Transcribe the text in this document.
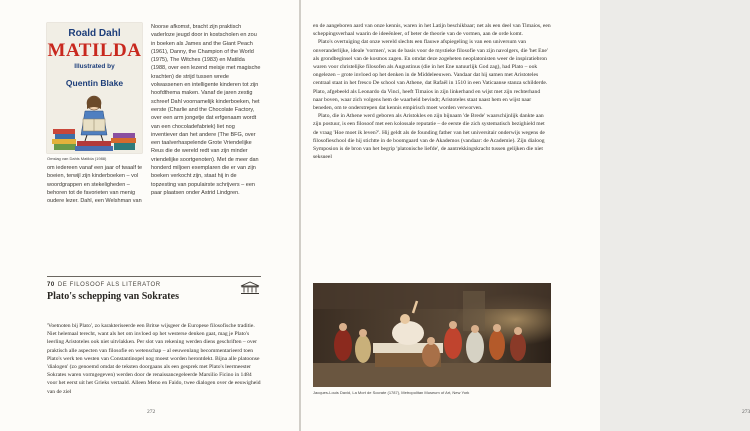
Roald Dahl
MATILDA
Illustrated by
Quentin Blake
Omslag van Dahls Matilda (1988)

Noorse afkomst, bracht zijn praktisch vaderloze jeugd door in kostscholen en zou in boeken als James and the Giant Peach (1961), Danny, the Champion of the World (1975), The Witches (1983) en Matilda (1988, over een lezend meisje met magische krachten) de strijd tussen wrede volwassenen en intelligente kinderen tot zijn hoofdthema maken. Vanaf de jaren zestig schreef Dahl voornamelijk kinderboeken, het eerste (Charlie and the Chocolate Factory, over een arm jongetje dat erfgenaam wordt van een chocoladefabriek) liet nog inventiever dan het andere (The BFG, over een taalverhaspelende Grote Vriendelijke Reus die de wereld redt van zijn minder vriendelijke soortgenoten). Met de meer dan honderd miljoen exemplaren die er van zijn boeken verkocht zijn, staat hij in de topzesting van populairste schrijvers – een paar plaatsen onder Astrid Lindgren.

om iedereen vanaf een jaar of twaalf te boeien, terwijl zijn kinderboeken – vol woordgrappen en stekeligheden – behoren tot de favorieten van menig oudere lezer. Dahl, een Welshman van

70 DE FILOSOOF ALS LITERATOR
Plato's schepping van Sokrates

'Voetnoten bij Plato', zo karakteriseerde een Britse wijsgeer de Europese filosofische traditie. Niet helemaal terecht, want als het om invloed op het westerse denken gaat, mag je Plato's leerling Aristoteles ook niet uitvlakken. Per slot van rekening werden diens geschriften – over praktisch alle aspecten van filosofie en wetenschap – al eeuwenlang becommentarieerd toen Plato's werk ten westen van Constantinopel nog moest worden herontdekt. Bijna alle platoonse 'dialogen' (zo genoemd omdat de teksten doorgaans als een gesprek met Plato's leermeester Sokrates waren vormgegeven) werden door de renaissancegeleerde Marsilio Ficino in 1484 voor het eerst uit het Grieks vertaald. Alleen Meno en Faido, twee dialogen over de eeuwigheid van de ziel

272

en de aangeboren aard van onze kennis, waren in het Latijn beschikbaar; net als een deel van Timaios, een scheppingsverhaal waarin de ideeënleer, of beter de theorie van de vormen, aan de orde komt.

Plato's overtuiging dat onze wereld slechts een flauwe afspiegeling is van een universum van onveranderlijke, ideale 'vormen', was de basis voor de mystieke filosofie van zijn navolgers, die 'het Ene' als grondbeginsel van de kosmos zagen. En omdat deze zogeheten neoplatonisten weer de inspiratiebron waren voor christelijke filosofen als Augustinus (die in het Ene natuurlijk God zag), had Plato – ook ongelezen – grote invloed op het denken in de Middeleeuwen. Vandaar dat hij samen met Aristoteles centraal staat in het fresco De school van Athene, dat Rafaël in 1510 in een Vaticaanse stanza schilderde. Plato, afgebeeld als Leonardo da Vinci, heeft Timaios in zijn linkerhand en wijst met zijn rechterhand naar boven, waar zich volgens hem de waarheid bevindt; Aristoteles staat naast hem en wijst naar beneden, om te onderstrepen dat kennis empirisch moet worden verworven.

Plato, die in Athene werd geboren als Aristokles en zijn bijnaam 'de Brede' waarschijnlijk dankte aan zijn postuur, is een filosoof met een kolossale reputatie – de eerste die zich systematisch bezighield met de vraag 'Hoe moet ik leven?'. Hij geldt als de founding father van het universitair onderwijs wegens de filosofieschool die hij stichtte in de boomgaard van de Akademos (vandaar: de Academie). Zijn dialoog Symposion is de bron van het begrip 'platonische liefde', de aantrekkingskracht tussen gelijken die niet seksueel

Jacques-Louis David, La Mort de Socrate (1787), Metropolitan Museum of Art, New York
273
